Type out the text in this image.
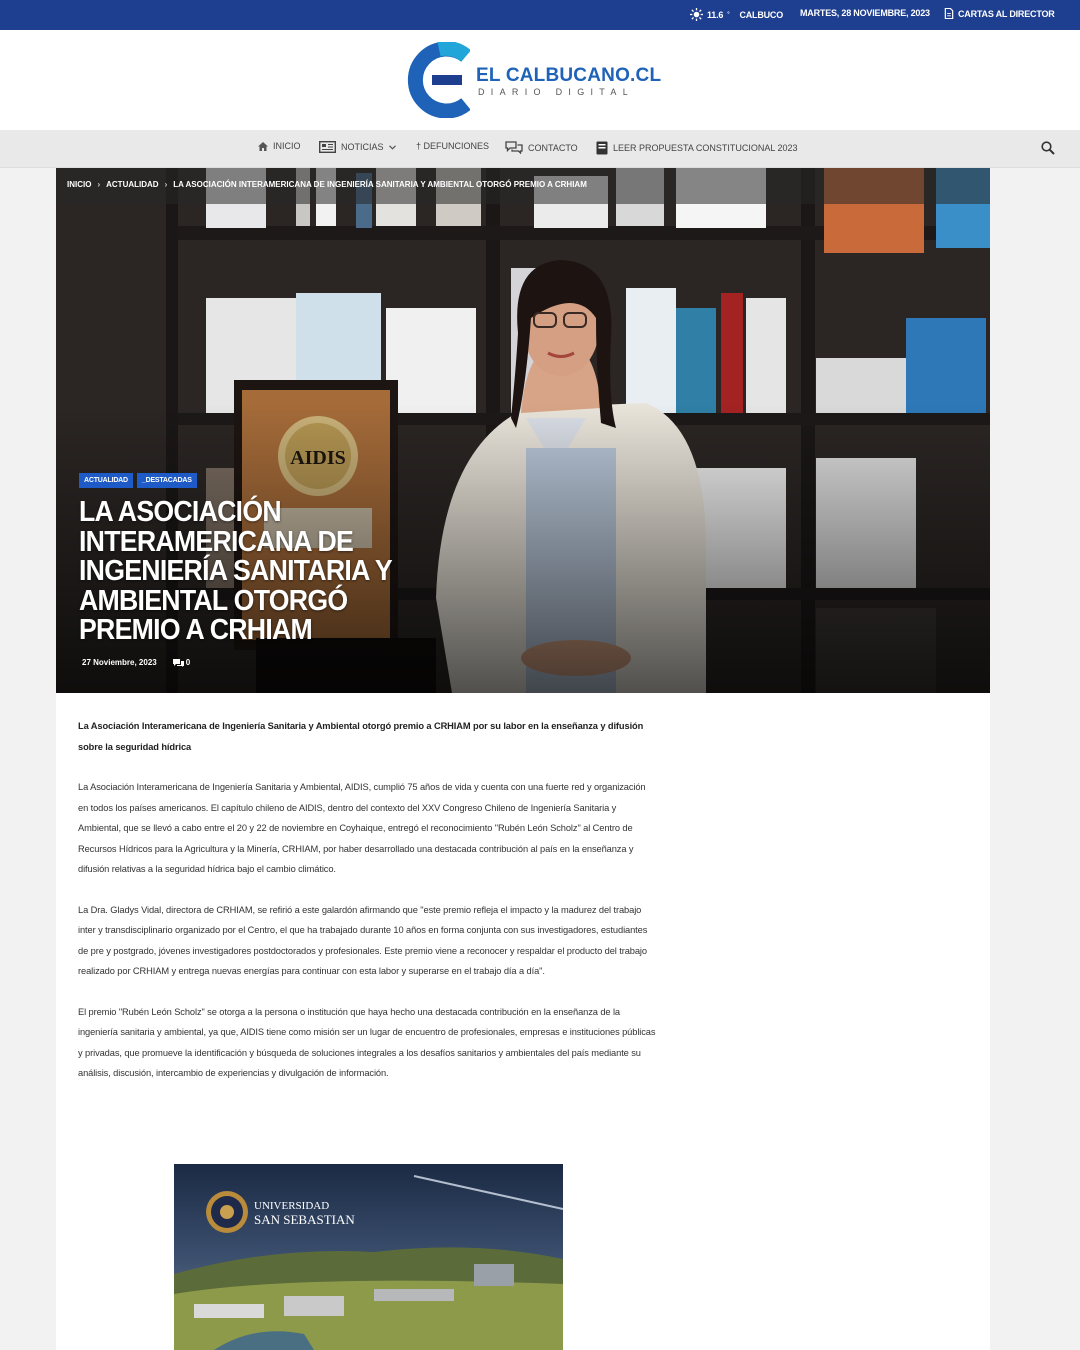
11.6 ° CALBUCO MARTES, 28 NOVIEMBRE, 2023	CARTAS AL DIRECTOR
EL CALBUCANO.CL
DIARIO DIGITAL
INICIO	NOTICIAS	† DEFUNCIONES	CONTACTO	LEER PROPUESTA CONSTITUCIONAL 2023
INICIO › ACTUALIDAD › LA ASOCIACIÓN INTERAMERICANA DE INGENIERÍA SANITARIA Y AMBIENTAL OTORGÓ PREMIO A CRHIAM
ACTUALIDAD	_DESTACADAS
LA ASOCIACIÓN INTERAMERICANA DE INGENIERÍA SANITARIA Y AMBIENTAL OTORGÓ PREMIO A CRHIAM
27 Noviembre, 2023	0

La Asociación Interamericana de Ingeniería Sanitaria y Ambiental otorgó premio a CRHIAM por su labor en la enseñanza y difusión sobre la seguridad hídrica

La Asociación Interamericana de Ingeniería Sanitaria y Ambiental, AIDIS, cumplió 75 años de vida y cuenta con una fuerte red y organización en todos los países americanos. El capítulo chileno de AIDIS, dentro del contexto del XXV Congreso Chileno de Ingeniería Sanitaria y Ambiental, que se llevó a cabo entre el 20 y 22 de noviembre en Coyhaique, entregó el reconocimiento "Rubén León Scholz" al Centro de Recursos Hídricos para la Agricultura y la Minería, CRHIAM, por haber desarrollado una destacada contribución al país en la enseñanza y difusión relativas a la seguridad hídrica bajo el cambio climático.

La Dra. Gladys Vidal, directora de CRHIAM, se refirió a este galardón afirmando que "este premio refleja el impacto y la madurez del trabajo inter y transdisciplinario organizado por el Centro, el que ha trabajado durante 10 años en forma conjunta con sus investigadores, estudiantes de pre y postgrado, jóvenes investigadores postdoctorados y profesionales. Este premio viene a reconocer y respaldar el producto del trabajo realizado por CRHIAM y entrega nuevas energías para continuar con esta labor y superarse en el trabajo día a día".

El premio "Rubén León Scholz" se otorga a la persona o institución que haya hecho una destacada contribución en la enseñanza de la ingeniería sanitaria y ambiental, ya que, AIDIS tiene como misión ser un lugar de encuentro de profesionales, empresas e instituciones públicas y privadas, que promueve la identificación y búsqueda de soluciones integrales a los desafíos sanitarios y ambientales del país mediante su análisis, discusión, intercambio de experiencias y divulgación de información.

UNIVERSIDAD
SAN SEBASTIAN
